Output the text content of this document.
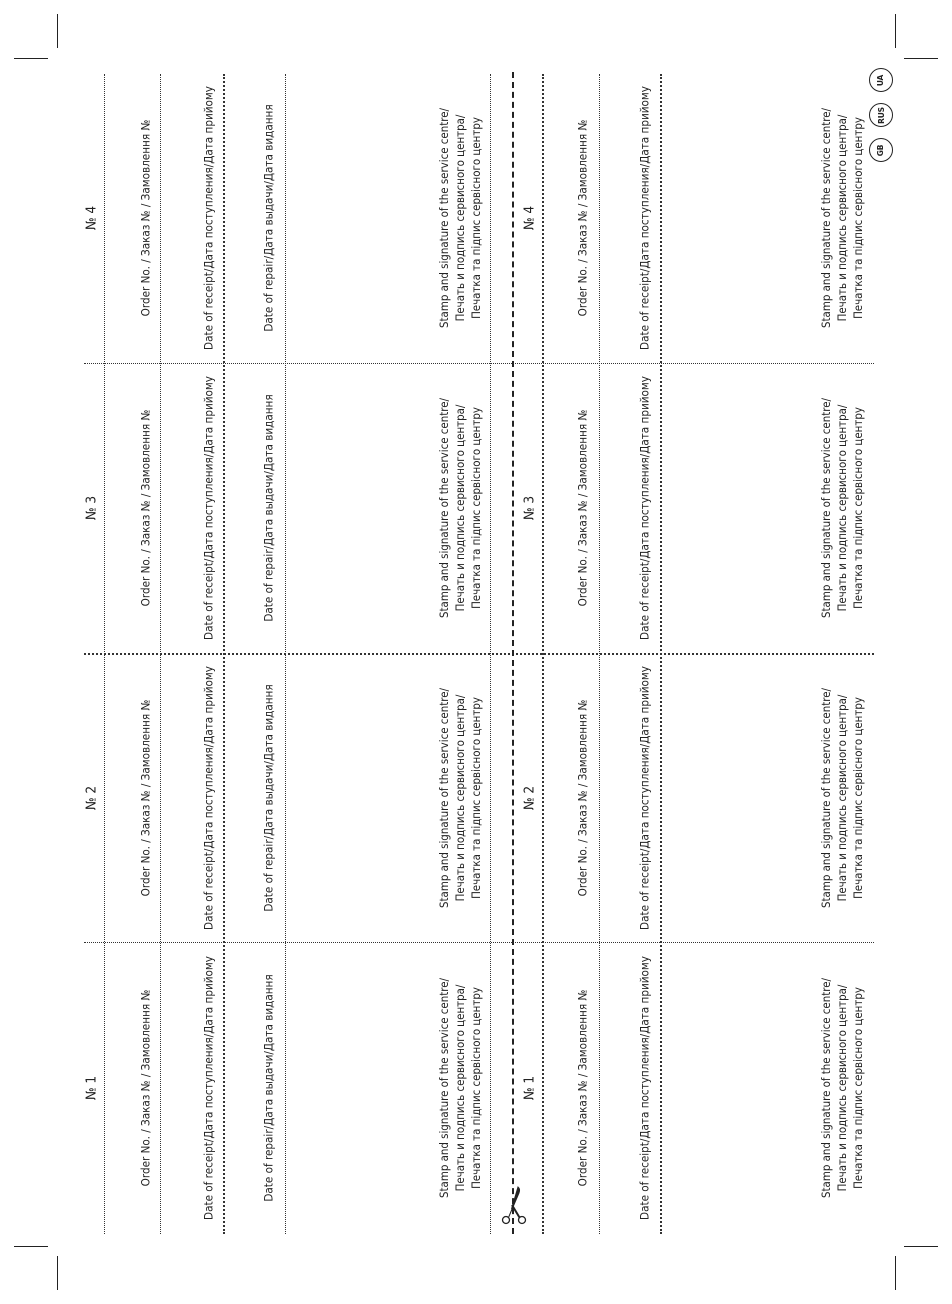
№ 1	Order No. / Заказ № / Замовлення №	Date of receipt/Дата поступления/Дата прийому	Date of repair/Дата выдачи/Дата видання	Stamp and signature of the service centre/ Печать и подпись сервисного центра/ Печатка та підпис сервісного центру
№ 2	Order No. / Заказ № / Замовлення №	Date of receipt/Дата поступления/Дата прийому	Date of repair/Дата выдачи/Дата видання	Stamp and signature of the service centre/ Печать и подпись сервисного центра/ Печатка та підпис сервісного центру
№ 3	Order No. / Заказ № / Замовлення №	Date of receipt/Дата поступления/Дата прийому	Date of repair/Дата выдачи/Дата видання	Stamp and signature of the service centre/ Печать и подпись сервисного центра/ Печатка та підпис сервісного центру
№ 4	Order No. / Заказ № / Замовлення №	Date of receipt/Дата поступления/Дата прийому	Date of repair/Дата выдачи/Дата видання	Stamp and signature of the service centre/ Печать и подпись сервисного центра/ Печатка та підпис сервісного центру
№ 1	Order No. / Заказ № / Замовлення №	Date of receipt/Дата поступления/Дата прийому	Stamp and signature of the service centre/ Печать и подпись сервисного центра/ Печатка та підпис сервісного центру
№ 2	Order No. / Заказ № / Замовлення №	Date of receipt/Дата поступления/Дата прийому	Stamp and signature of the service centre/ Печать и подпись сервисного центра/ Печатка та підпис сервісного центру
№ 3	Order No. / Заказ № / Замовлення №	Date of receipt/Дата поступления/Дата прийому	Stamp and signature of the service centre/ Печать и подпись сервисного центра/ Печатка та підпис сервісного центру
№ 4	Order No. / Заказ № / Замовлення №	Date of receipt/Дата поступления/Дата прийому	Stamp and signature of the service centre/ Печать и подпись сервисного центра/ Печатка та підпис сервісного центру
UA
RUS
GB
